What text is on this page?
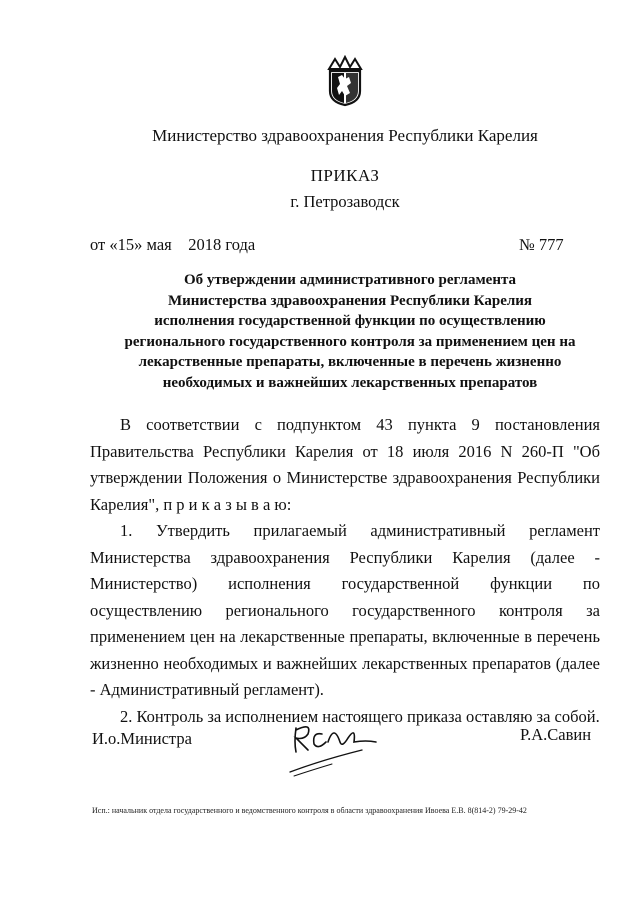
Министерство здравоохранения Республики Карелия
ПРИКАЗ
г. Петрозаводск
от «15» мая    2018 года	№ 777
Об утверждении административного регламента
Министерства здравоохранения Республики Карелия
исполнения государственной функции по осуществлению
регионального государственного контроля за применением цен на
лекарственные препараты, включенные в перечень жизненно
необходимых и важнейших лекарственных препаратов

В соответствии с подпунктом 43 пункта 9 постановления Правительства Республики Карелия от 18 июля 2016 N 260-П "Об утверждении Положения о Министерстве здравоохранения Республики Карелия", п р и к а з ы в а ю:

1. Утвердить прилагаемый административный регламент Министерства здравоохранения Республики Карелия (далее - Министерство) исполнения государственной функции по осуществлению регионального государственного контроля за применением цен на лекарственные препараты, включенные в перечень жизненно необходимых и важнейших лекарственных препаратов (далее - Административный регламент).

2. Контроль за исполнением настоящего приказа оставляю за собой.

И.о.Министра	Р.А.Савин
Исп.: начальник отдела государственного и ведомственного контроля в области здравоохранения Ивоева Е.В. 8(814-2) 79-29-42
